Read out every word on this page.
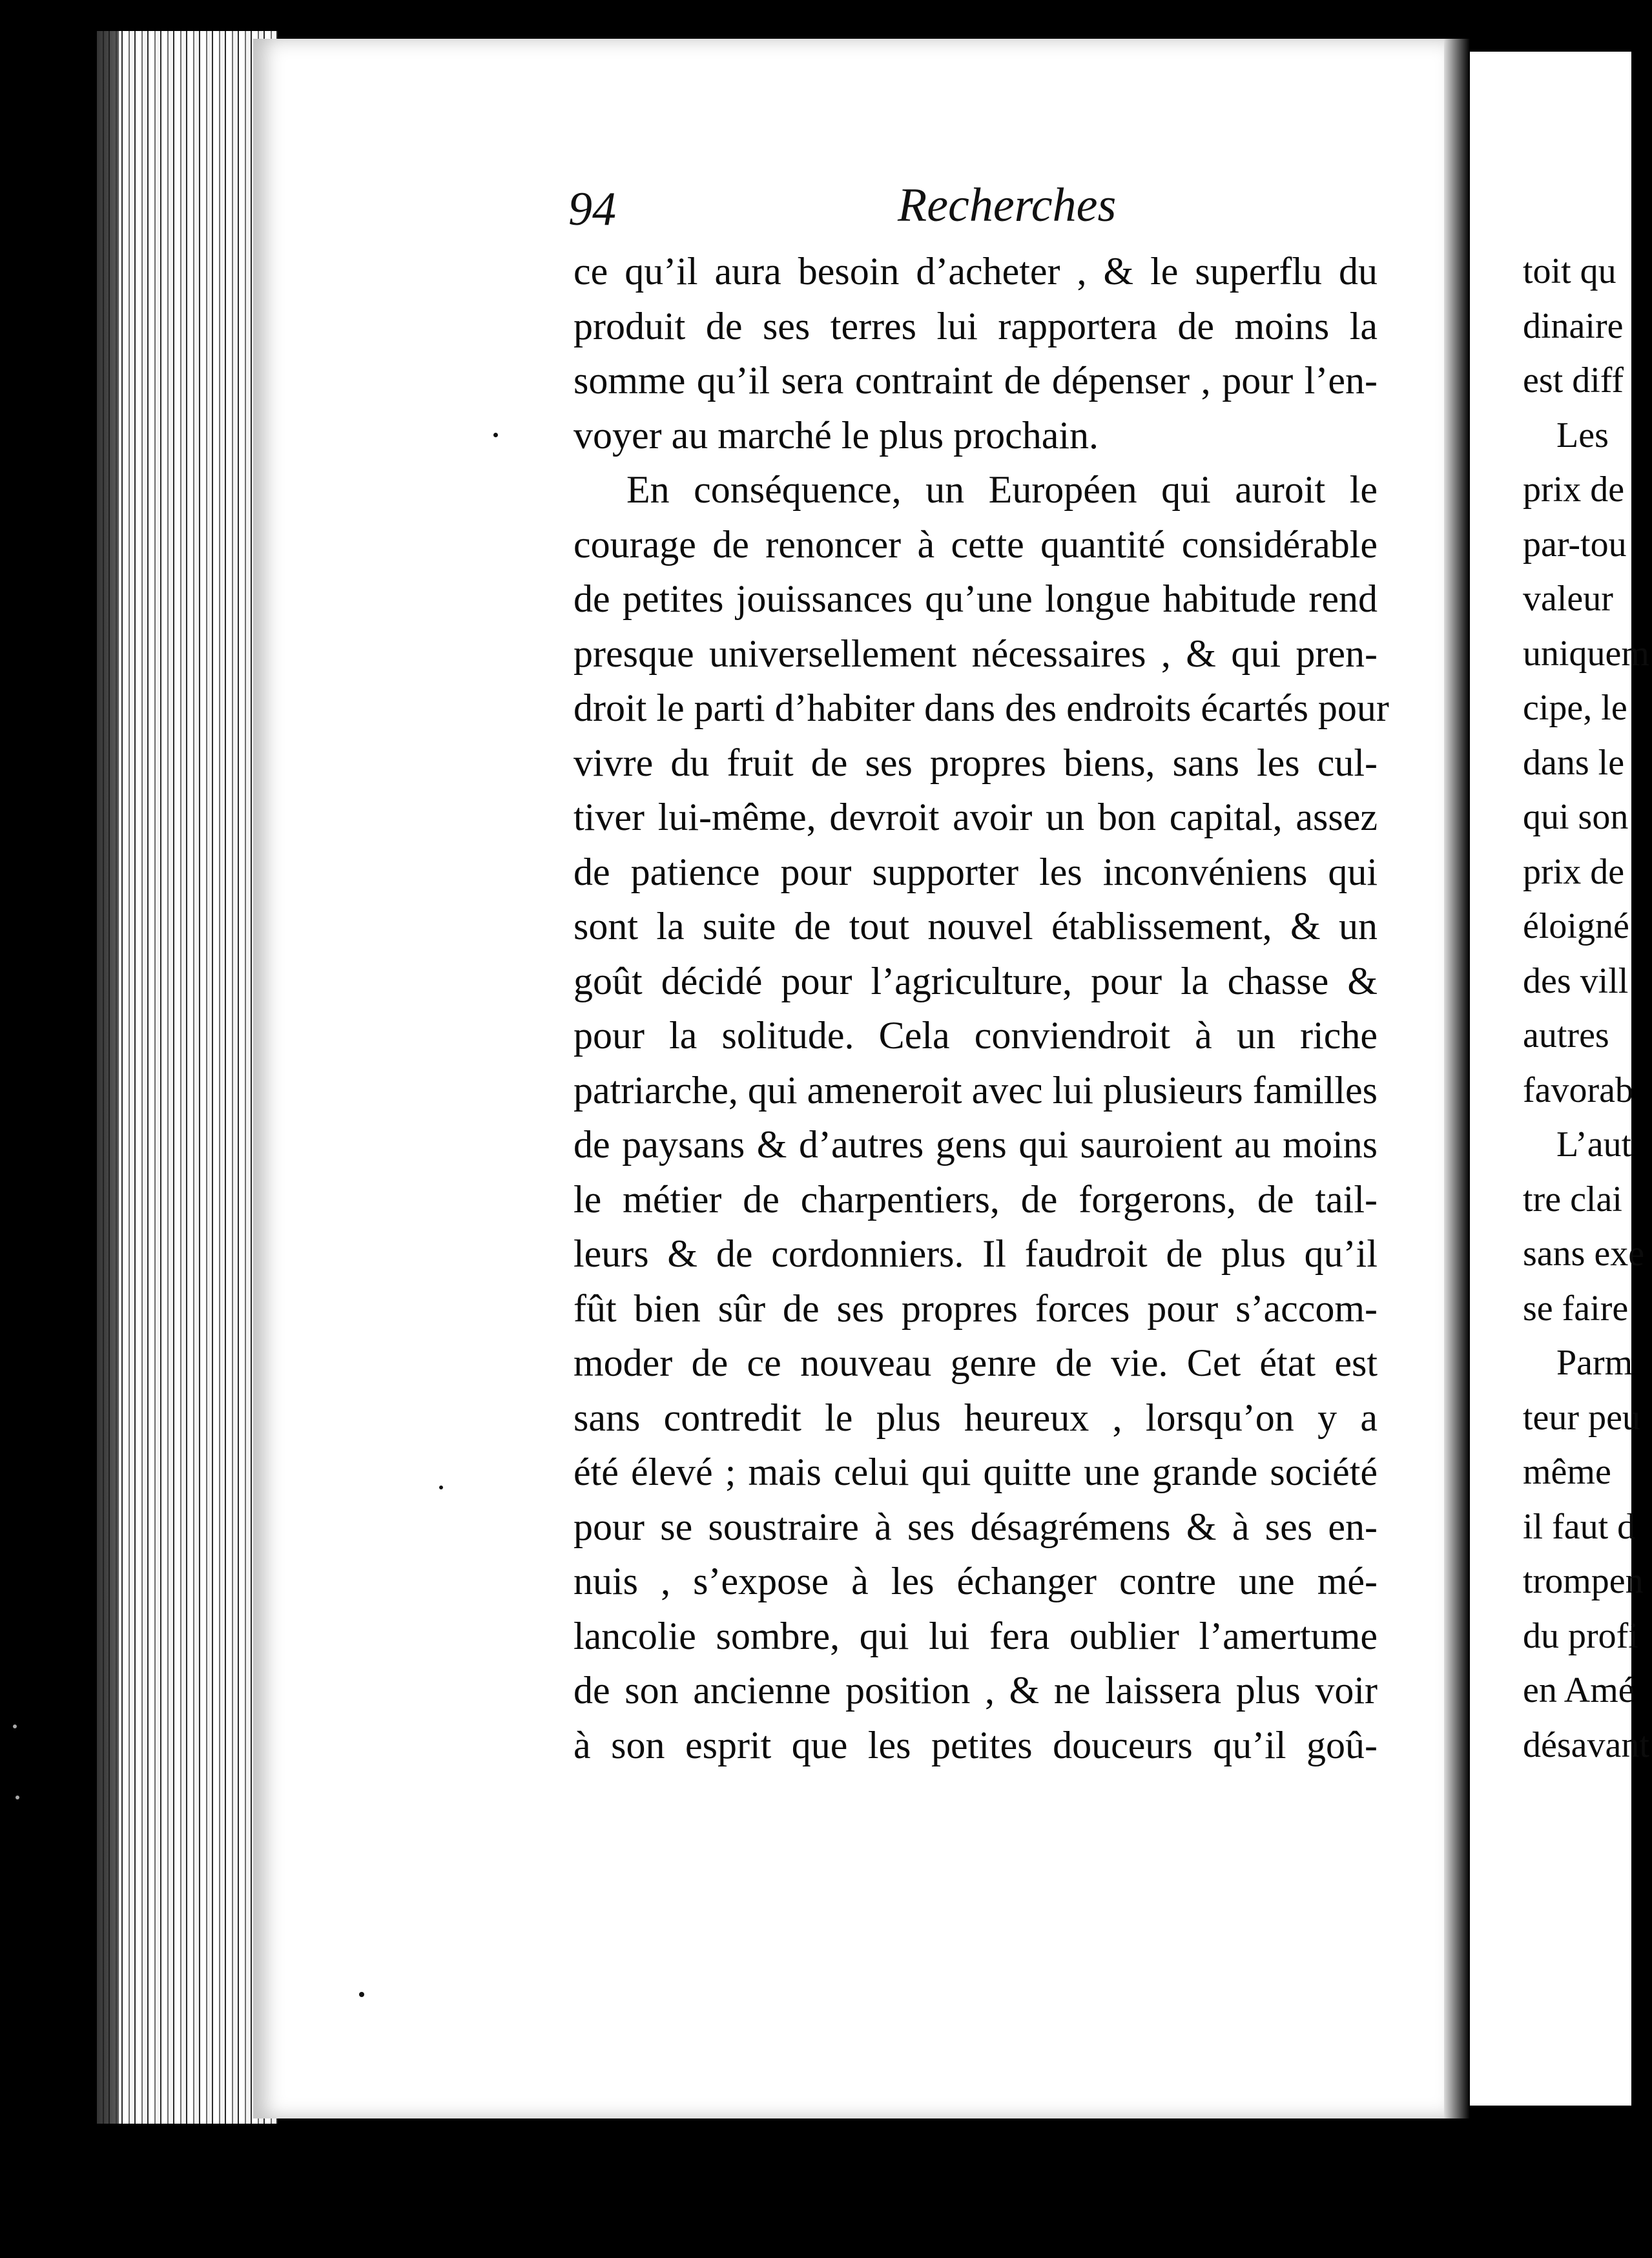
94	Recherches
ce qu’il aura besoin d’acheter , & le superflu du
produit de ses terres lui rapportera de moins la
somme qu’il sera contraint de dépenser , pour l’en-
voyer au marché le plus prochain.
En conséquence, un Européen qui auroit le
courage de renoncer à cette quantité considérable
de petites jouissances qu’une longue habitude rend
presque universellement nécessaires , & qui pren-
droit le parti d’habiter dans des endroits écartés pour
vivre du fruit de ses propres biens, sans les cul-
tiver lui-même, devroit avoir un bon capital, assez
de patience pour supporter les inconvéniens qui
sont la suite de tout nouvel établissement, & un
goût décidé pour l’agriculture, pour la chasse &
pour la solitude. Cela conviendroit à un riche
patriarche, qui ameneroit avec lui plusieurs familles
de paysans & d’autres gens qui sauroient au moins
le métier de charpentiers, de forgerons, de tail-
leurs & de cordonniers. Il faudroit de plus qu’il
fût bien sûr de ses propres forces pour s’accom-
moder de ce nouveau genre de vie. Cet état est
sans contredit le plus heureux , lorsqu’on y a
été élevé ; mais celui qui quitte une grande société
pour se soustraire à ses désagrémens & à ses en-
nuis , s’expose à les échanger contre une mé-
lancolie sombre, qui lui fera oublier l’amertume
de son ancienne position , & ne laissera plus voir
à son esprit que les petites douceurs qu’il goû-
toit qu
dinaire
est diff
Les
prix de
par-tou
valeur
uniquem
cipe, le
dans le
qui son
prix de
éloigné
des vill
autres
favorab
L’aut
tre clai
sans exe
se faire
Parm
teur peu
même
il faut d
trompen
du profi
en Amé
désavant
